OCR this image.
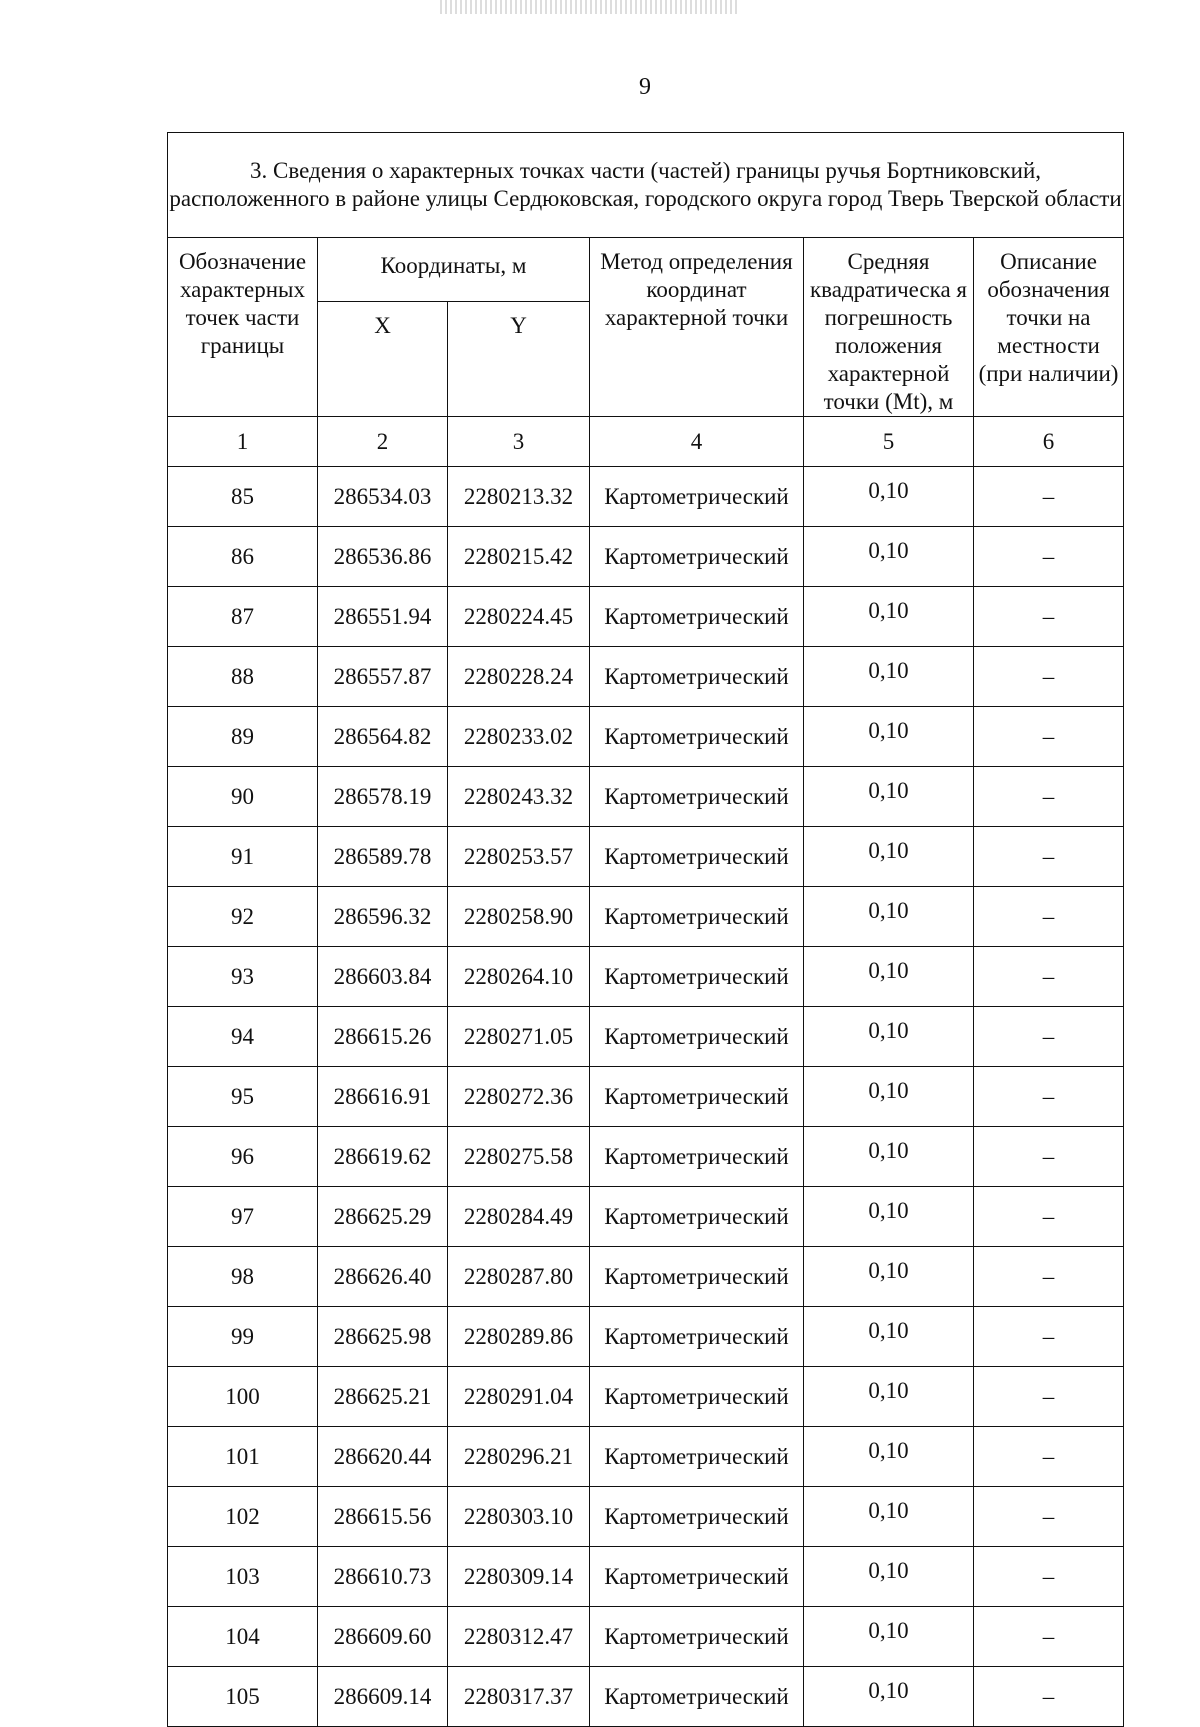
9
3. Сведения о характерных точках части (частей) границы ручья Бортниковский, расположенного в районе улицы Сердюковская, городского округа город Тверь Тверской области					
Обозначение характерных точек части границы	Координаты, м		Метод определения координат характерной точки	Средняя квадратическа я погрешность положения характерной точки (Mt), м	Описание обозначения точки на местности (при наличии)
	X	Y			
1	2	3	4	5	6
85	286534.03	2280213.32	Картометрический	0,10	–
86	286536.86	2280215.42	Картометрический	0,10	–
87	286551.94	2280224.45	Картометрический	0,10	–
88	286557.87	2280228.24	Картометрический	0,10	–
89	286564.82	2280233.02	Картометрический	0,10	–
90	286578.19	2280243.32	Картометрический	0,10	–
91	286589.78	2280253.57	Картометрический	0,10	–
92	286596.32	2280258.90	Картометрический	0,10	–
93	286603.84	2280264.10	Картометрический	0,10	–
94	286615.26	2280271.05	Картометрический	0,10	–
95	286616.91	2280272.36	Картометрический	0,10	–
96	286619.62	2280275.58	Картометрический	0,10	–
97	286625.29	2280284.49	Картометрический	0,10	–
98	286626.40	2280287.80	Картометрический	0,10	–
99	286625.98	2280289.86	Картометрический	0,10	–
100	286625.21	2280291.04	Картометрический	0,10	–
101	286620.44	2280296.21	Картометрический	0,10	–
102	286615.56	2280303.10	Картометрический	0,10	–
103	286610.73	2280309.14	Картометрический	0,10	–
104	286609.60	2280312.47	Картометрический	0,10	–
105	286609.14	2280317.37	Картометрический	0,10	–
